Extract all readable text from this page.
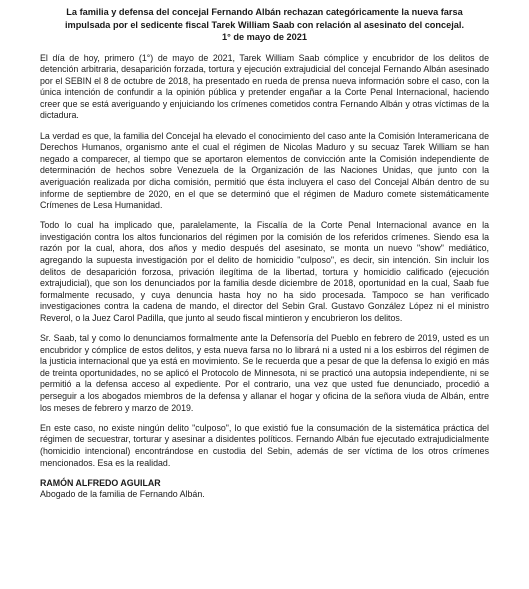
La familia y defensa del concejal Fernando Albán rechazan categóricamente la nueva farsa
impulsada por el sedicente fiscal Tarek William Saab con relación al asesinato del concejal.
1° de mayo de 2021

El día de hoy, primero (1°) de mayo de 2021, Tarek William Saab cómplice y encubridor de los delitos de detención arbitraria, desaparición forzada, tortura y ejecución extrajudicial del concejal Fernando Albán asesinado por el SEBIN el 8 de octubre de 2018, ha presentado en rueda de prensa nueva información sobre el caso, con la única intención de confundir a la opinión pública y pretender engañar a la Corte Penal Internacional, haciendo creer que se está averiguando y enjuiciando los crímenes cometidos contra Fernando Albán y otras víctimas de la dictadura.

La verdad es que, la familia del Concejal ha elevado el conocimiento del caso ante la Comisión Interamericana de Derechos Humanos, organismo ante el cual el régimen de Nicolas Maduro y su secuaz Tarek William se han negado a comparecer, al tiempo que se aportaron elementos de convicción ante la Comisión independiente de determinación de hechos sobre Venezuela de la Organización de las Naciones Unidas, que junto con la averiguación realizada por dicha comisión, permitió que ésta incluyera el caso del Concejal Albán dentro de su informe de septiembre de 2020, en el que se determinó que el régimen de Maduro comete sistemáticamente Crímenes de Lesa Humanidad.

Todo lo cual ha implicado que, paralelamente, la Fiscalía de la Corte Penal Internacional avance en la investigación contra los altos funcionarios del régimen por la comisión de los referidos crímenes. Siendo esa la razón por la cual, ahora, dos años y medio después del asesinato, se monta un nuevo "show" mediático, agregando la supuesta investigación por el delito de homicidio "culposo", es decir, sin intención. Sin incluir los delitos de desaparición forzosa, privación ilegítima de la libertad, tortura y homicidio calificado (ejecución extrajudicial), que son los denunciados por la familia desde diciembre de 2018, oportunidad en la cual, Saab fue formalmente recusado, y cuya denuncia hasta hoy no ha sido procesada. Tampoco se han verificado investigaciones contra la cadena de mando, el director del Sebin Gral. Gustavo González López ni el ministro Reverol, o la Juez Carol Padilla, que junto al seudo fiscal mintieron y encubrieron los delitos.

Sr. Saab, tal y como lo denunciamos formalmente ante la Defensoría del Pueblo en febrero de 2019, usted es un encubridor y cómplice de estos delitos, y esta nueva farsa no lo librará ni a usted ni a los esbirros del régimen de la justicia internacional que ya está en movimiento. Se le recuerda que a pesar de que la defensa lo exigió en más de treinta oportunidades, no se aplicó el Protocolo de Minnesota, ni se practicó una autopsia independiente, ni se permitió a la defensa acceso al expediente. Por el contrario, una vez que usted fue denunciado, procedió a perseguir a los abogados miembros de la defensa y allanar el hogar y oficina de la señora viuda de Albán, entre los meses de febrero y marzo de 2019.

En este caso, no existe ningún delito "culposo", lo que existió fue la consumación de la sistemática práctica del régimen de secuestrar, torturar y asesinar a disidentes políticos. Fernando Albán fue ejecutado extrajudicialmente (homicidio intencional) encontrándose en custodia del Sebin, además de ser víctima de los otros crímenes mencionados. Esa es la realidad.

RAMÓN ALFREDO AGUILAR

Abogado de la familia de Fernando Albán.
